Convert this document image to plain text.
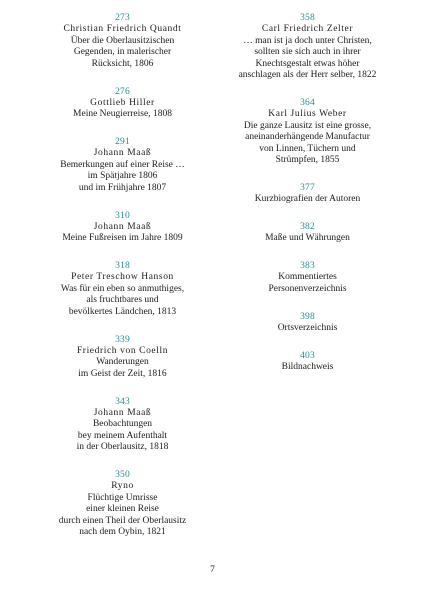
273
Christian Friedrich Quandt
Über die Oberlausitzischen
Gegenden, in malerischer
Rücksicht, 1806
276
Gottlieb Hiller
Meine Neugierreise, 1808
291
Johann Maaß
Bemerkungen auf einer Reise …
im Spätjahre 1806
und im Frühjahre 1807
310
Johann Maaß
Meine Fußreisen im Jahre 1809
318
Peter Treschow Hanson
Was für ein eben so anmuthiges,
als fruchtbares und
bevölkertes Ländchen, 1813
339
Friedrich von Coelln
Wanderungen
im Geist der Zeit, 1816
343
Johann Maaß
Beobachtungen
bey meinem Aufenthalt
in der Oberlausitz, 1818
350
Ryno
Flüchtige Umrisse
einer kleinen Reise
durch einen Theil der Oberlausitz
nach dem Oybin, 1821
358
Carl Friedrich Zelter
… man ist ja doch unter Christen,
sollten sie sich auch in ihrer
Knechtsgestalt etwas höher
anschlagen als der Herr selber, 1822
364
Karl Julius Weber
Die ganze Lausitz ist eine grosse,
aneinanderhängende Manufactur
von Linnen, Tüchern und
Strümpfen, 1855
377
Kurzbiografien der Autoren
382
Maße und Währungen
383
Kommentiertes
Personenverzeichnis
398
Ortsverzeichnis
403
Bildnachweis
7
